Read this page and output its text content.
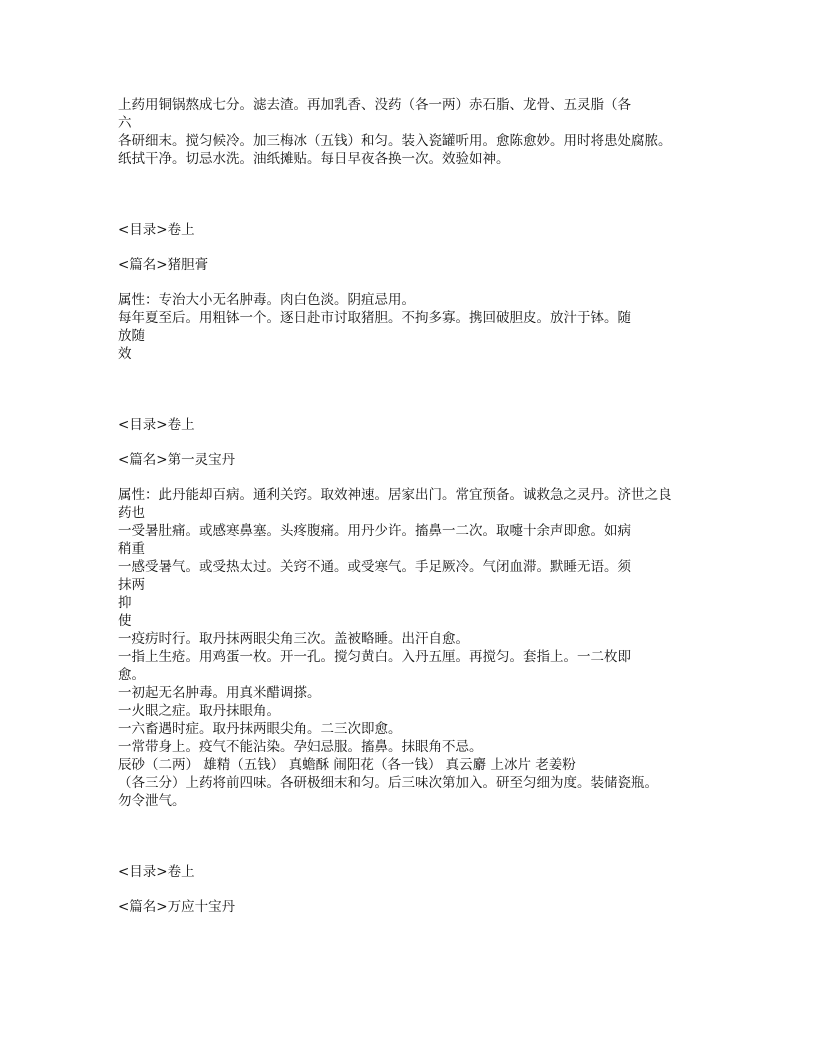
上药用铜锅熬成七分。滤去渣。再加乳香、没药（各一两）赤石脂、龙骨、五灵脂（各
六
各研细末。搅匀候冷。加三梅冰（五钱）和匀。装入瓷罐听用。愈陈愈妙。用时将患处腐脓。
纸拭干净。切忌水洗。油纸摊贴。每日早夜各换一次。效验如神。
<目录>卷上
<篇名>猪胆膏
属性：专治大小无名肿毒。肉白色淡。阴疽忌用。
每年夏至后。用粗钵一个。逐日赴市讨取猪胆。不拘多寡。携回破胆皮。放汁于钵。随
放随
效
<目录>卷上
<篇名>第一灵宝丹
属性：此丹能却百病。通利关窍。取效神速。居家出门。常宜预备。诚救急之灵丹。济世之良
药也
一受暑肚痛。或感寒鼻塞。头疼腹痛。用丹少许。搐鼻一二次。取嚏十余声即愈。如病
稍重
一感受暑气。或受热太过。关窍不通。或受寒气。手足厥冷。气闭血滞。默睡无语。须
抹两
抑
使
一疫疠时行。取丹抹两眼尖角三次。盖被略睡。出汗自愈。
一指上生疮。用鸡蛋一枚。开一孔。搅匀黄白。入丹五厘。再搅匀。套指上。一二枚即
愈。
一初起无名肿毒。用真米醋调搽。
一火眼之症。取丹抹眼角。
一六畜遇时症。取丹抹两眼尖角。二三次即愈。
一常带身上。疫气不能沾染。孕妇忌服。搐鼻。抹眼角不忌。
辰砂（二两） 雄精（五钱） 真蟾酥 闹阳花（各一钱） 真云麝 上冰片 老姜粉
（各三分）上药将前四味。各研极细末和匀。后三味次第加入。研至匀细为度。装储瓷瓶。
勿令泄气。
<目录>卷上
<篇名>万应十宝丹
